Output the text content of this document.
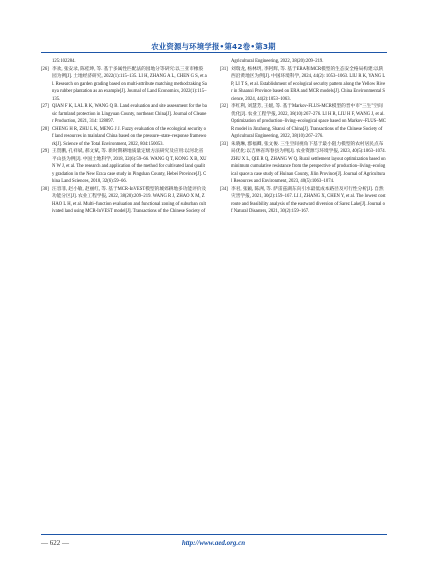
农业资源与环境学报•第42卷•第3期
125:102284.
[26] 李欢, 张安录, 陈桂珅, 等. 基于多属性匹配法的园地分等研究:以三亚市橡胶园为例[J]. 土地经济研究, 2022(1):115–135. LI H, ZHANG A L, CHEN G S, et al. Research on garden grading based on multi-attribute matching method:taking Sanya rubber plantation as an example[J]. Journal of Land Economics, 2022(1):115–135.
[27] QIAN F K, LAL R K, WANG Q B. Land evaluation and site assessment for the basic farmland protection in Lingyuan County, northeast China[J]. Journal of Cleaner Production, 2021, 314: 128097.
[28] CHENG H R, ZHU L K, MENG J J. Fuzzy evaluation of the ecological security of land resources in mainland China based on the pressure–state–response framework[J]. Science of the Total Environment, 2022, 804:150053.
[29] 王贺鹏, 孔祥斌, 郝文斌, 等. 新时期耕地质量定级方法研究及应用:以河北省平山县为例[J]. 中国土地科学, 2018, 32(6):59–66. WANG Q T, KONG X B, XUN W J, et al. The research and application of the method for cultivated land quality gradation in the New Era:a case study in Pingshan County, Hebei Province[J]. China Land Sciences, 2018, 32(6):59–66.
[30] 汪容菲, 赵小敏, 赵丽红, 等. 基于MCR-InVEST模型的城郊耕地多功能评价及功能分区[J]. 农业工程学报, 2022, 38(20):209–219. WANG R J, ZHAO X M, ZHAO L H, et al. Multi–function evaluation and functional zoning of suburban cultivated land using MCR-InVEST model[J]. Transactions of the Chinese Society of
Agricultural Engineering, 2022, 38(20):209–219.
[31] 刘瑞龙, 杨林玥, 李阿辉, 等. 基于ERA和MCR模型的生态安全格局构建:以陕西沿黄地区为例[J]. 中国环境科学, 2024, 44(2): 1053–1063. LIU R K, YANG L P, LI T S, et al. Establishment of ecological security pattern along the Yellow River in Shaanxi Province based on ERA and MCR models[J]. China Environmental Science, 2024, 44(2):1053–1063.
[32] 李红利, 刘慧芳, 王媛, 等. 基于Markov-FLUS-MCR模型的晋中市“三生”空间优化[J]. 农业工程学报, 2022, 38(10):267–276. LI H R, LIU H F, WANG J, et al. Optimization of production–living–ecological space based on Markov–FLUS–MCR model in Jinzhong, Shanxi of China[J]. Transactions of the Chinese Society of Agricultural Engineering, 2022, 38(10):267–276.
[33] 朱晓琳, 郡福卿, 张文俊. 三生空间视角下基于最小阻力模型的农村居民点布局优化:以吉林省珲春县为例[J]. 农业资源与环境学报, 2023, 40(5):1063–1074. ZHU X L, QIE R Q, ZHANG W Q. Rural settlement layout optimization based on minimum cumulative resistance from the perspective of production–living–ecological space:a case study of Huinan County, Jilin Province[J]. Journal of Agricultural Resources and Environment, 2023, 40(5):1063–1074.
[34] 李君, 张颖, 陈洲, 等. 萨雷兹湖东向引水最低成本路径及可行性分析[J]. 自然灾害学报, 2021, 30(2):159–167. LI J, ZHANG X, CHEN Y, et al. The lowest cost route and feasibility analysis of the eastward diversion of Sarez Lake[J]. Journal of Natural Disasters, 2021, 30(2):159–167.
— 622 —	http://www.aed.org.cn
